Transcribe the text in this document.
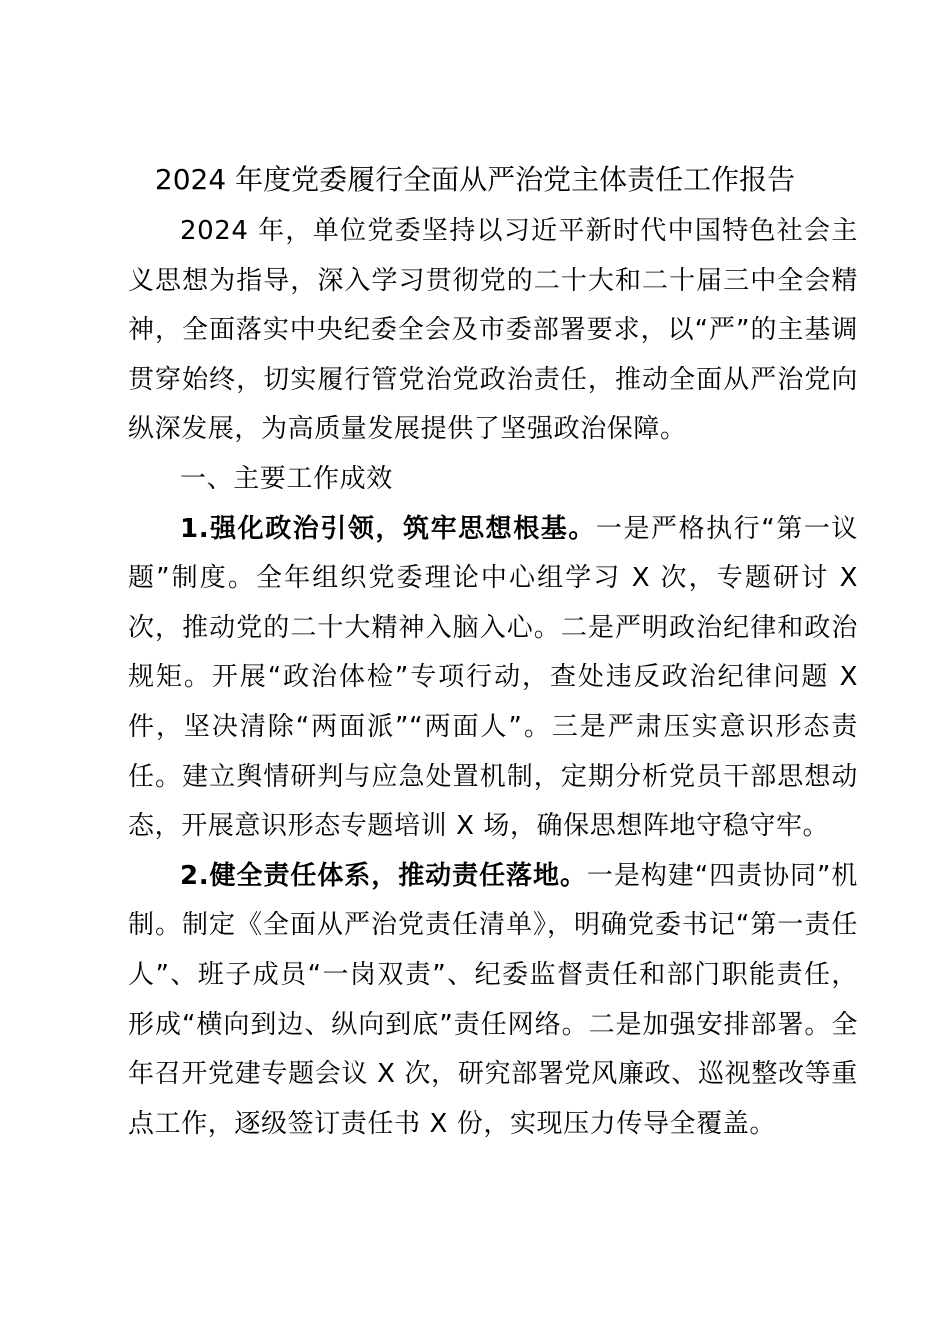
2024 年度党委履行全面从严治党主体责任工作报告

2024 年，单位党委坚持以习近平新时代中国特色社会主义思想为指导，深入学习贯彻党的二十大和二十届三中全会精神，全面落实中央纪委全会及市委部署要求，以“严”的主基调贯穿始终，切实履行管党治党政治责任，推动全面从严治党向纵深发展，为高质量发展提供了坚强政治保障。

一、主要工作成效

1.强化政治引领，筑牢思想根基。一是严格执行“第一议题”制度。全年组织党委理论中心组学习 X 次，专题研讨 X 次，推动党的二十大精神入脑入心。二是严明政治纪律和政治规矩。开展“政治体检”专项行动，查处违反政治纪律问题 X 件，坚决清除“两面派”“两面人”。三是严肃压实意识形态责任。建立舆情研判与应急处置机制，定期分析党员干部思想动态，开展意识形态专题培训 X 场，确保思想阵地守稳守牢。

2.健全责任体系，推动责任落地。一是构建“四责协同”机制。制定《全面从严治党责任清单》，明确党委书记“第一责任人”、班子成员“一岗双责”、纪委监督责任和部门职能责任，形成“横向到边、纵向到底”责任网络。二是加强安排部署。全年召开党建专题会议 X 次，研究部署党风廉政、巡视整改等重点工作，逐级签订责任书 X 份，实现压力传导全覆盖。
